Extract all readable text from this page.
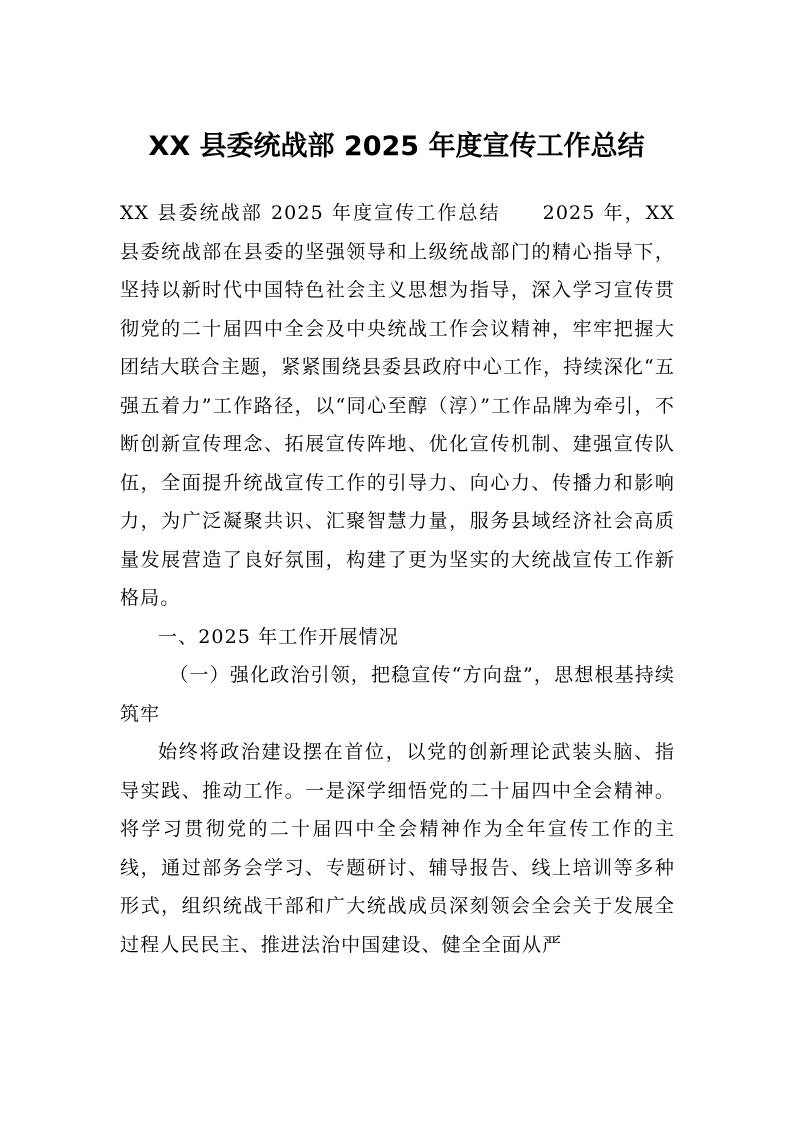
XX 县委统战部 2025 年度宣传工作总结

XX 县委统战部 2025 年度宣传工作总结 2025 年，XX 县委统战部在县委的坚强领导和上级统战部门的精心指导下，坚持以新时代中国特色社会主义思想为指导，深入学习宣传贯彻党的二十届四中全会及中央统战工作会议精神，牢牢把握大团结大联合主题，紧紧围绕县委县政府中心工作，持续深化“五强五着力”工作路径，以“同心至醇（淳）”工作品牌为牵引，不断创新宣传理念、拓展宣传阵地、优化宣传机制、建强宣传队伍，全面提升统战宣传工作的引导力、向心力、传播力和影响力，为广泛凝聚共识、汇聚智慧力量，服务县域经济社会高质量发展营造了良好氛围，构建了更为坚实的大统战宣传工作新格局。

一、2025 年工作开展情况

（一）强化政治引领，把稳宣传“方向盘”，思想根基持续筑牢

始终将政治建设摆在首位，以党的创新理论武装头脑、指导实践、推动工作。一是深学细悟党的二十届四中全会精神。将学习贯彻党的二十届四中全会精神作为全年宣传工作的主线，通过部务会学习、专题研讨、辅导报告、线上培训等多种形式，组织统战干部和广大统战成员深刻领会全会关于发展全过程人民民主、推进法治中国建设、健全全面从严
